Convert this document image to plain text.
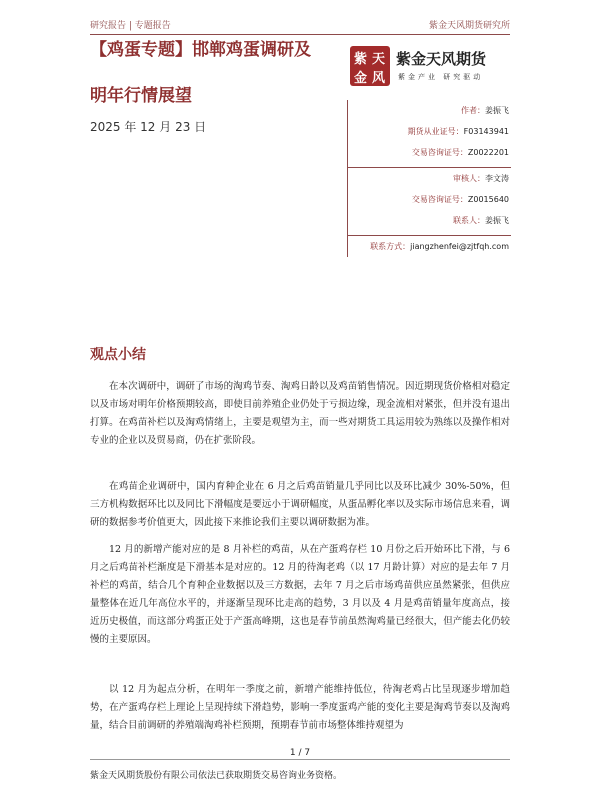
研究报告 | 专题报告	紫金天风期货研究所
【鸡蛋专题】邯郸鸡蛋调研及
明年行情展望
2025 年 12 月 23 日
紫 天
金 风
紫金天风期货
紫金产业 研究驱动
作者：姜振飞
期货从业证号：F03143941
交易咨询证号：Z0022201
审核人：李文涛
交易咨询证号：Z0015640
联系人：姜振飞
联系方式：jiangzhenfei@zjtfqh.com
观点小结

在本次调研中，调研了市场的淘鸡节奏、淘鸡日龄以及鸡苗销售情况。因近期现货价格相对稳定以及市场对明年价格预期较高，即使目前养殖企业仍处于亏损边缘，现金流相对紧张，但并没有退出打算。在鸡苗补栏以及淘鸡情绪上，主要是观望为主，而一些对期货工具运用较为熟练以及操作相对专业的企业以及贸易商，仍在扩张阶段。

在鸡苗企业调研中，国内育种企业在 6 月之后鸡苗销量几乎同比以及环比减少 30%-50%，但三方机构数据环比以及同比下滑幅度是要远小于调研幅度，从蛋品孵化率以及实际市场信息来看，调研的数据参考价值更大，因此接下来推论我们主要以调研数据为准。

12 月的新增产能对应的是 8 月补栏的鸡苗，从在产蛋鸡存栏 10 月份之后开始环比下滑，与 6 月之后鸡苗补栏渐度是下滑基本是对应的。12 月的待淘老鸡（以 17 月龄计算）对应的是去年 7 月补栏的鸡苗，结合几个育种企业数据以及三方数据，去年 7 月之后市场鸡苗供应虽然紧张，但供应量整体在近几年高位水平的，并逐渐呈现环比走高的趋势，3 月以及 4 月是鸡苗销量年度高点，接近历史极值，而这部分鸡蛋正处于产蛋高峰期，这也是春节前虽然淘鸡量已经很大，但产能去化仍较慢的主要原因。

以 12 月为起点分析，在明年一季度之前，新增产能维持低位，待淘老鸡占比呈现逐步增加趋势，在产蛋鸡存栏上理论上呈现持续下滑趋势，影响一季度蛋鸡产能的变化主要是淘鸡节奏以及淘鸡量，结合目前调研的养殖端淘鸡补栏预期，预期春节前市场整体维持观望为

1 / 7
紫金天风期货股份有限公司依法已获取期货交易咨询业务资格。
